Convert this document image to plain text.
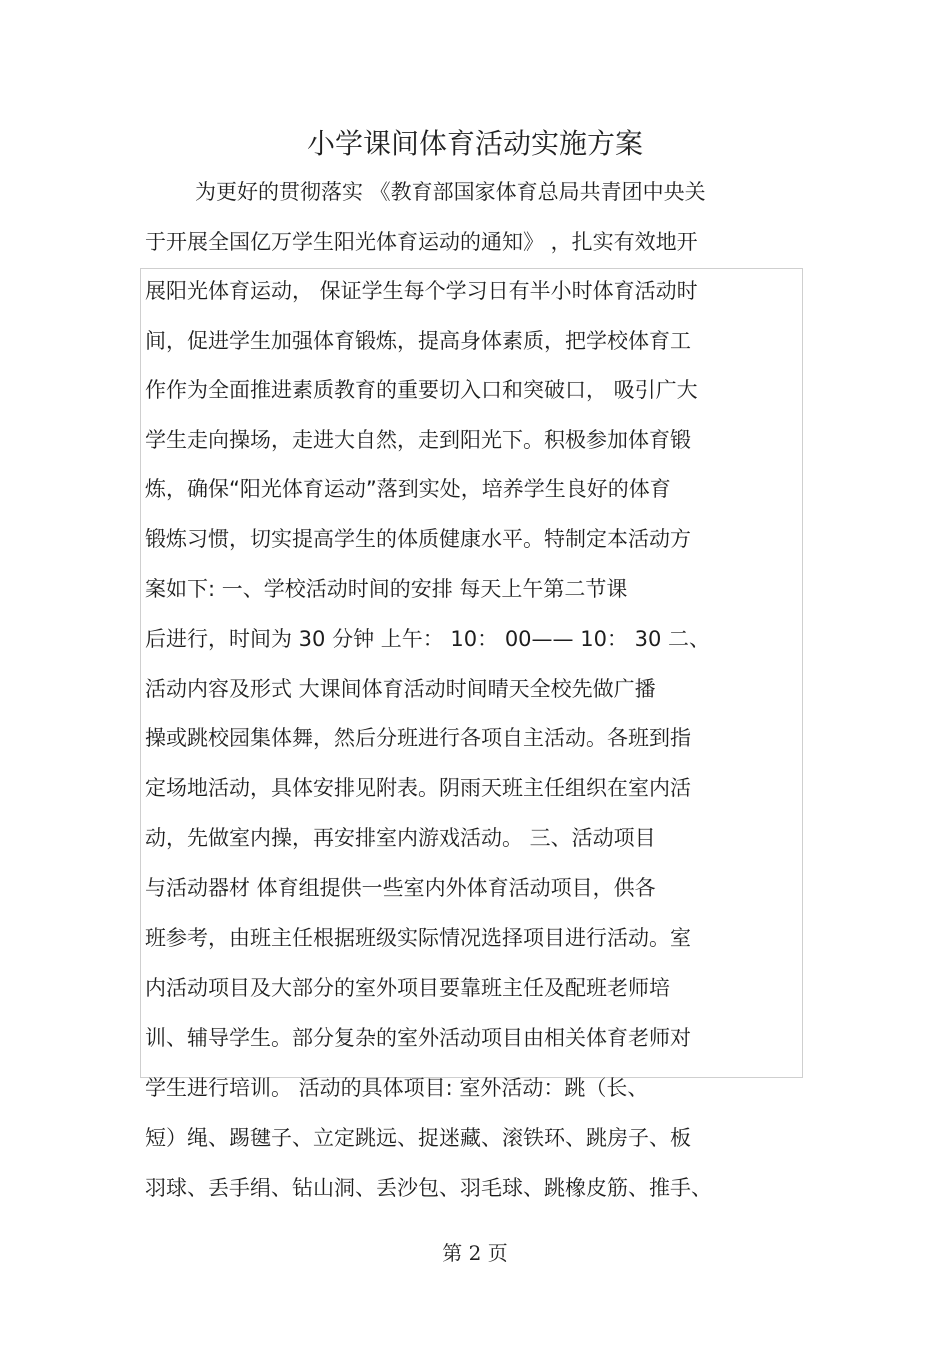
小学课间体育活动实施方案
为更好的贯彻落实 《教育部国家体育总局共青团中央关
于开展全国亿万学生阳光体育运动的通知》 ，扎实有效地开
展阳光体育运动， 保证学生每个学习日有半小时体育活动时
间，促进学生加强体育锻炼，提高身体素质，把学校体育工
作作为全面推进素质教育的重要切入口和突破口， 吸引广大
学生走向操场，走进大自然，走到阳光下。积极参加体育锻
炼，确保“阳光体育运动”落到实处，培养学生良好的体育
锻炼习惯，切实提高学生的体质健康水平。特制定本活动方
案如下: 一、学校活动时间的安排 每天上午第二节课
后进行，时间为 30 分钟 上午： 10： 00—— 10： 30 二、
活动内容及形式 大课间体育活动时间晴天全校先做广播
操或跳校园集体舞，然后分班进行各项自主活动。各班到指
定场地活动，具体安排见附表。阴雨天班主任组织在室内活
动，先做室内操，再安排室内游戏活动。 三、活动项目
与活动器材 体育组提供一些室内外体育活动项目，供各
班参考，由班主任根据班级实际情况选择项目进行活动。室
内活动项目及大部分的室外项目要靠班主任及配班老师培
训、辅导学生。部分复杂的室外活动项目由相关体育老师对
学生进行培训。 活动的具体项目: 室外活动：跳（长、
短）绳、踢毽子、立定跳远、捉迷藏、滚铁环、跳房子、板
羽球、丢手绢、钻山洞、丢沙包、羽毛球、跳橡皮筋、推手、
第 2 页
